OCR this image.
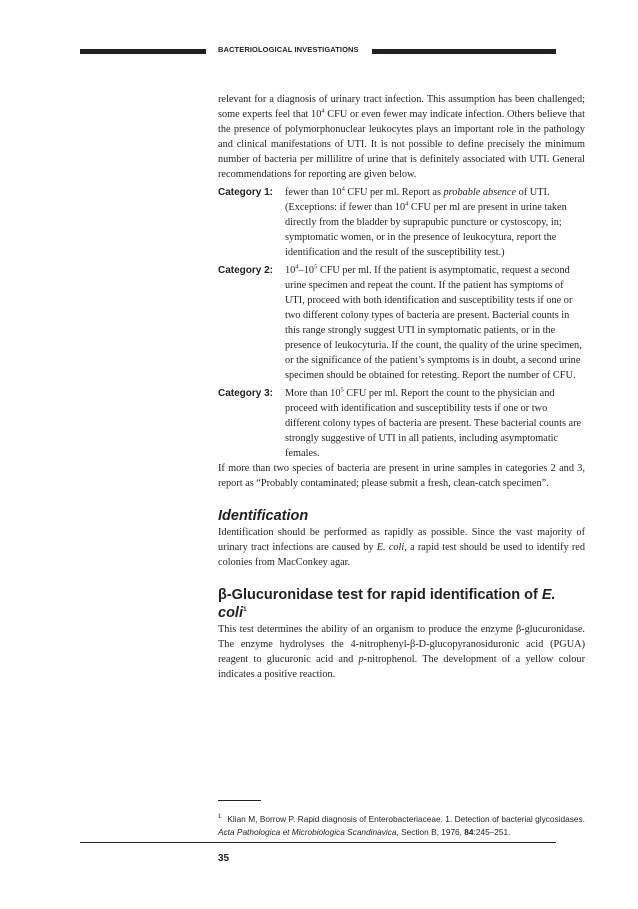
BACTERIOLOGICAL INVESTIGATIONS

relevant for a diagnosis of urinary tract infection. This assumption has been challenged; some experts feel that $10^4$ CFU or even fewer may indicate infection. Others believe that the presence of polymorphonuclear leukocytes plays an important role in the pathology and clinical manifestations of UTI. It is not possible to define precisely the minimum number of bacteria per millilitre of urine that is definitely associated with UTI. General recommendations for reporting are given below.

Category 1: fewer than $10^4$ CFU per ml. Report as probable absence of UTI. (Exceptions: if fewer than $10^4$ CFU per ml are present in urine taken directly from the bladder by suprapubic puncture or cystoscopy, in; symptomatic women, or in the presence of leukocytura, report the identification and the result of the susceptibility test.)
Category 2: $10^4-10^5$ CFU per ml. If the patient is asymptomatic, request a second urine specimen and repeat the count. If the patient has symptoms of UTI, proceed with both identification and susceptibility tests if one or two different colony types of bacteria are present. Bacterial counts in this range strongly suggest UTI in symptomatic patients, or in the presence of leukocyturia. If the count, the quality of the urine specimen, or the significance of the patient’s symptoms is in doubt, a second urine specimen should be obtained for retesting. Report the number of CFU.
Category 3: More than $10^5$ CFU per ml. Report the count to the physician and proceed with identification and susceptibility tests if one or two different colony types of bacteria are present. These bacterial counts are strongly suggestive of UTI in all patients, including asymptomatic females.

If more than two species of bacteria are present in urine samples in categories 2 and 3, report as “Probably contaminated; please submit a fresh, clean-catch specimen”.

Identification

Identification should be performed as rapidly as possible. Since the vast majority of urinary tract infections are caused by E. coli, a rapid test should be used to identify red colonies from MacConkey agar.

β-Glucuronidase test for rapid identification of E. coli$^1$

This test determines the ability of an organism to produce the enzyme β-glucuronidase. The enzyme hydrolyses the 4-nitrophenyl-β-D-glucopyranosiduronic acid (PGUA) reagent to glucuronic acid and p-nitrophenol. The development of a yellow colour indicates a positive reaction.

$^1$ Klian M, Borrow P. Rapid diagnosis of Enterobacteriaceae. 1. Detection of bacterial glycosidases. Acta Pathologica et Microbiologica Scandinavica, Section B, 1976, 84:245–251.
35
